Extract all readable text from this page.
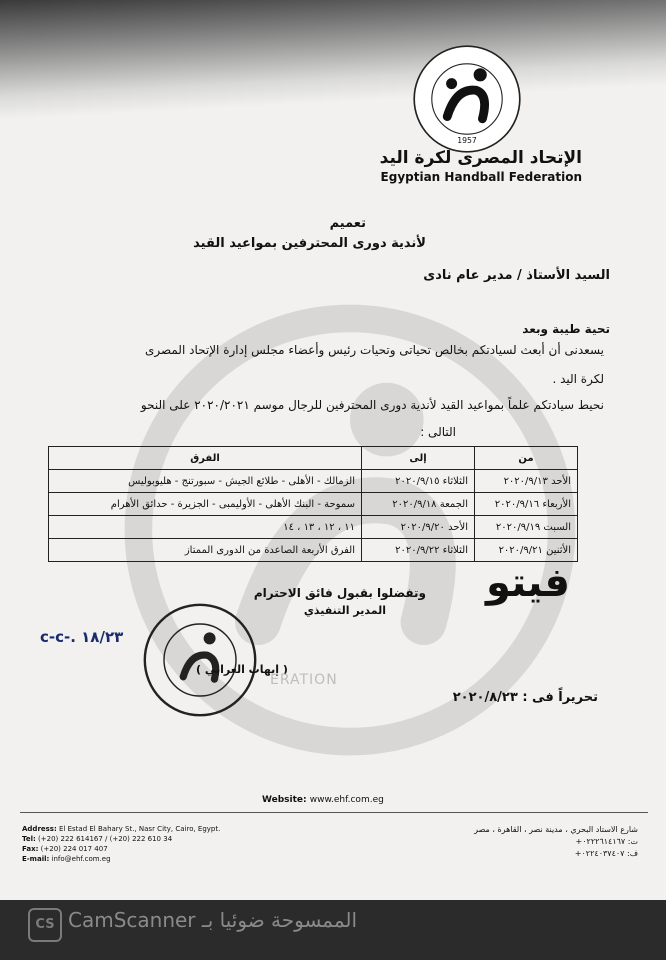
1957
الإتحاد المصرى لكرة اليد
Egyptian Handball Federation
تعميم
لأندية دورى المحترفين بمواعيد القيد
السيد الأستاذ / مدير عام نادى
تحية طيبة وبعد
يسعدنى أن أبعث لسيادتكم بخالص تحياتى وتحيات رئيس وأعضاء مجلس إدارة الإتحاد المصرى
لكرة اليد .
نحيط سيادتكم علماً بمواعيد القيد لأندية دورى المحترفين للرجال موسم ٢٠٢٠/٢٠٢١ على النحو
التالى :
من	إلى	الفرق
الأحد ٢٠٢٠/٩/١٣	الثلاثاء ٢٠٢٠/٩/١٥	الزمالك - الأهلى - طلائع الجيش - سبورتنج - هليوبوليس
الأربعاء ٢٠٢٠/٩/١٦	الجمعة ٢٠٢٠/٩/١٨	سموحة - البنك الأهلى - الأوليمبى - الجزيرة - حدائق الأهرام
السبت ٢٠٢٠/٩/١٩	الأحد ٢٠٢٠/٩/٢٠	١١ ، ١٢ ، ١٣ ، ١٤
الأثنين ٢٠٢٠/٩/٢١	الثلاثاء ٢٠٢٠/٩/٢٢	الفرق الأربعة الصاعدة من الدورى الممتاز
فيتو
وتفضلوا بقبول فائق الاحترام
المدير التنفيذي
c-c-. ١٨/٢٣
( إيهاب العرابي )
ERATION
تحريراً فى : ٢٠٢٠/٨/٢٣
Website: www.ehf.com.eg
Address: El Estad El Bahary St., Nasr City, Cairo, Egypt.
Tel: (+20) 222 614167 / (+20) 222 610 34
Fax: (+20) 224 017 407
E-mail: info@ehf.com.eg
شارع الاستاد البحري ، مدينة نصر ، القاهرة ، مصر
ت: ٠٢٢٢٦١٤١٦٧+
ف: ٠٢٢٤٠٣٧٤٠٧+
CS CamScanner الممسوحة ضوئيا بـ
